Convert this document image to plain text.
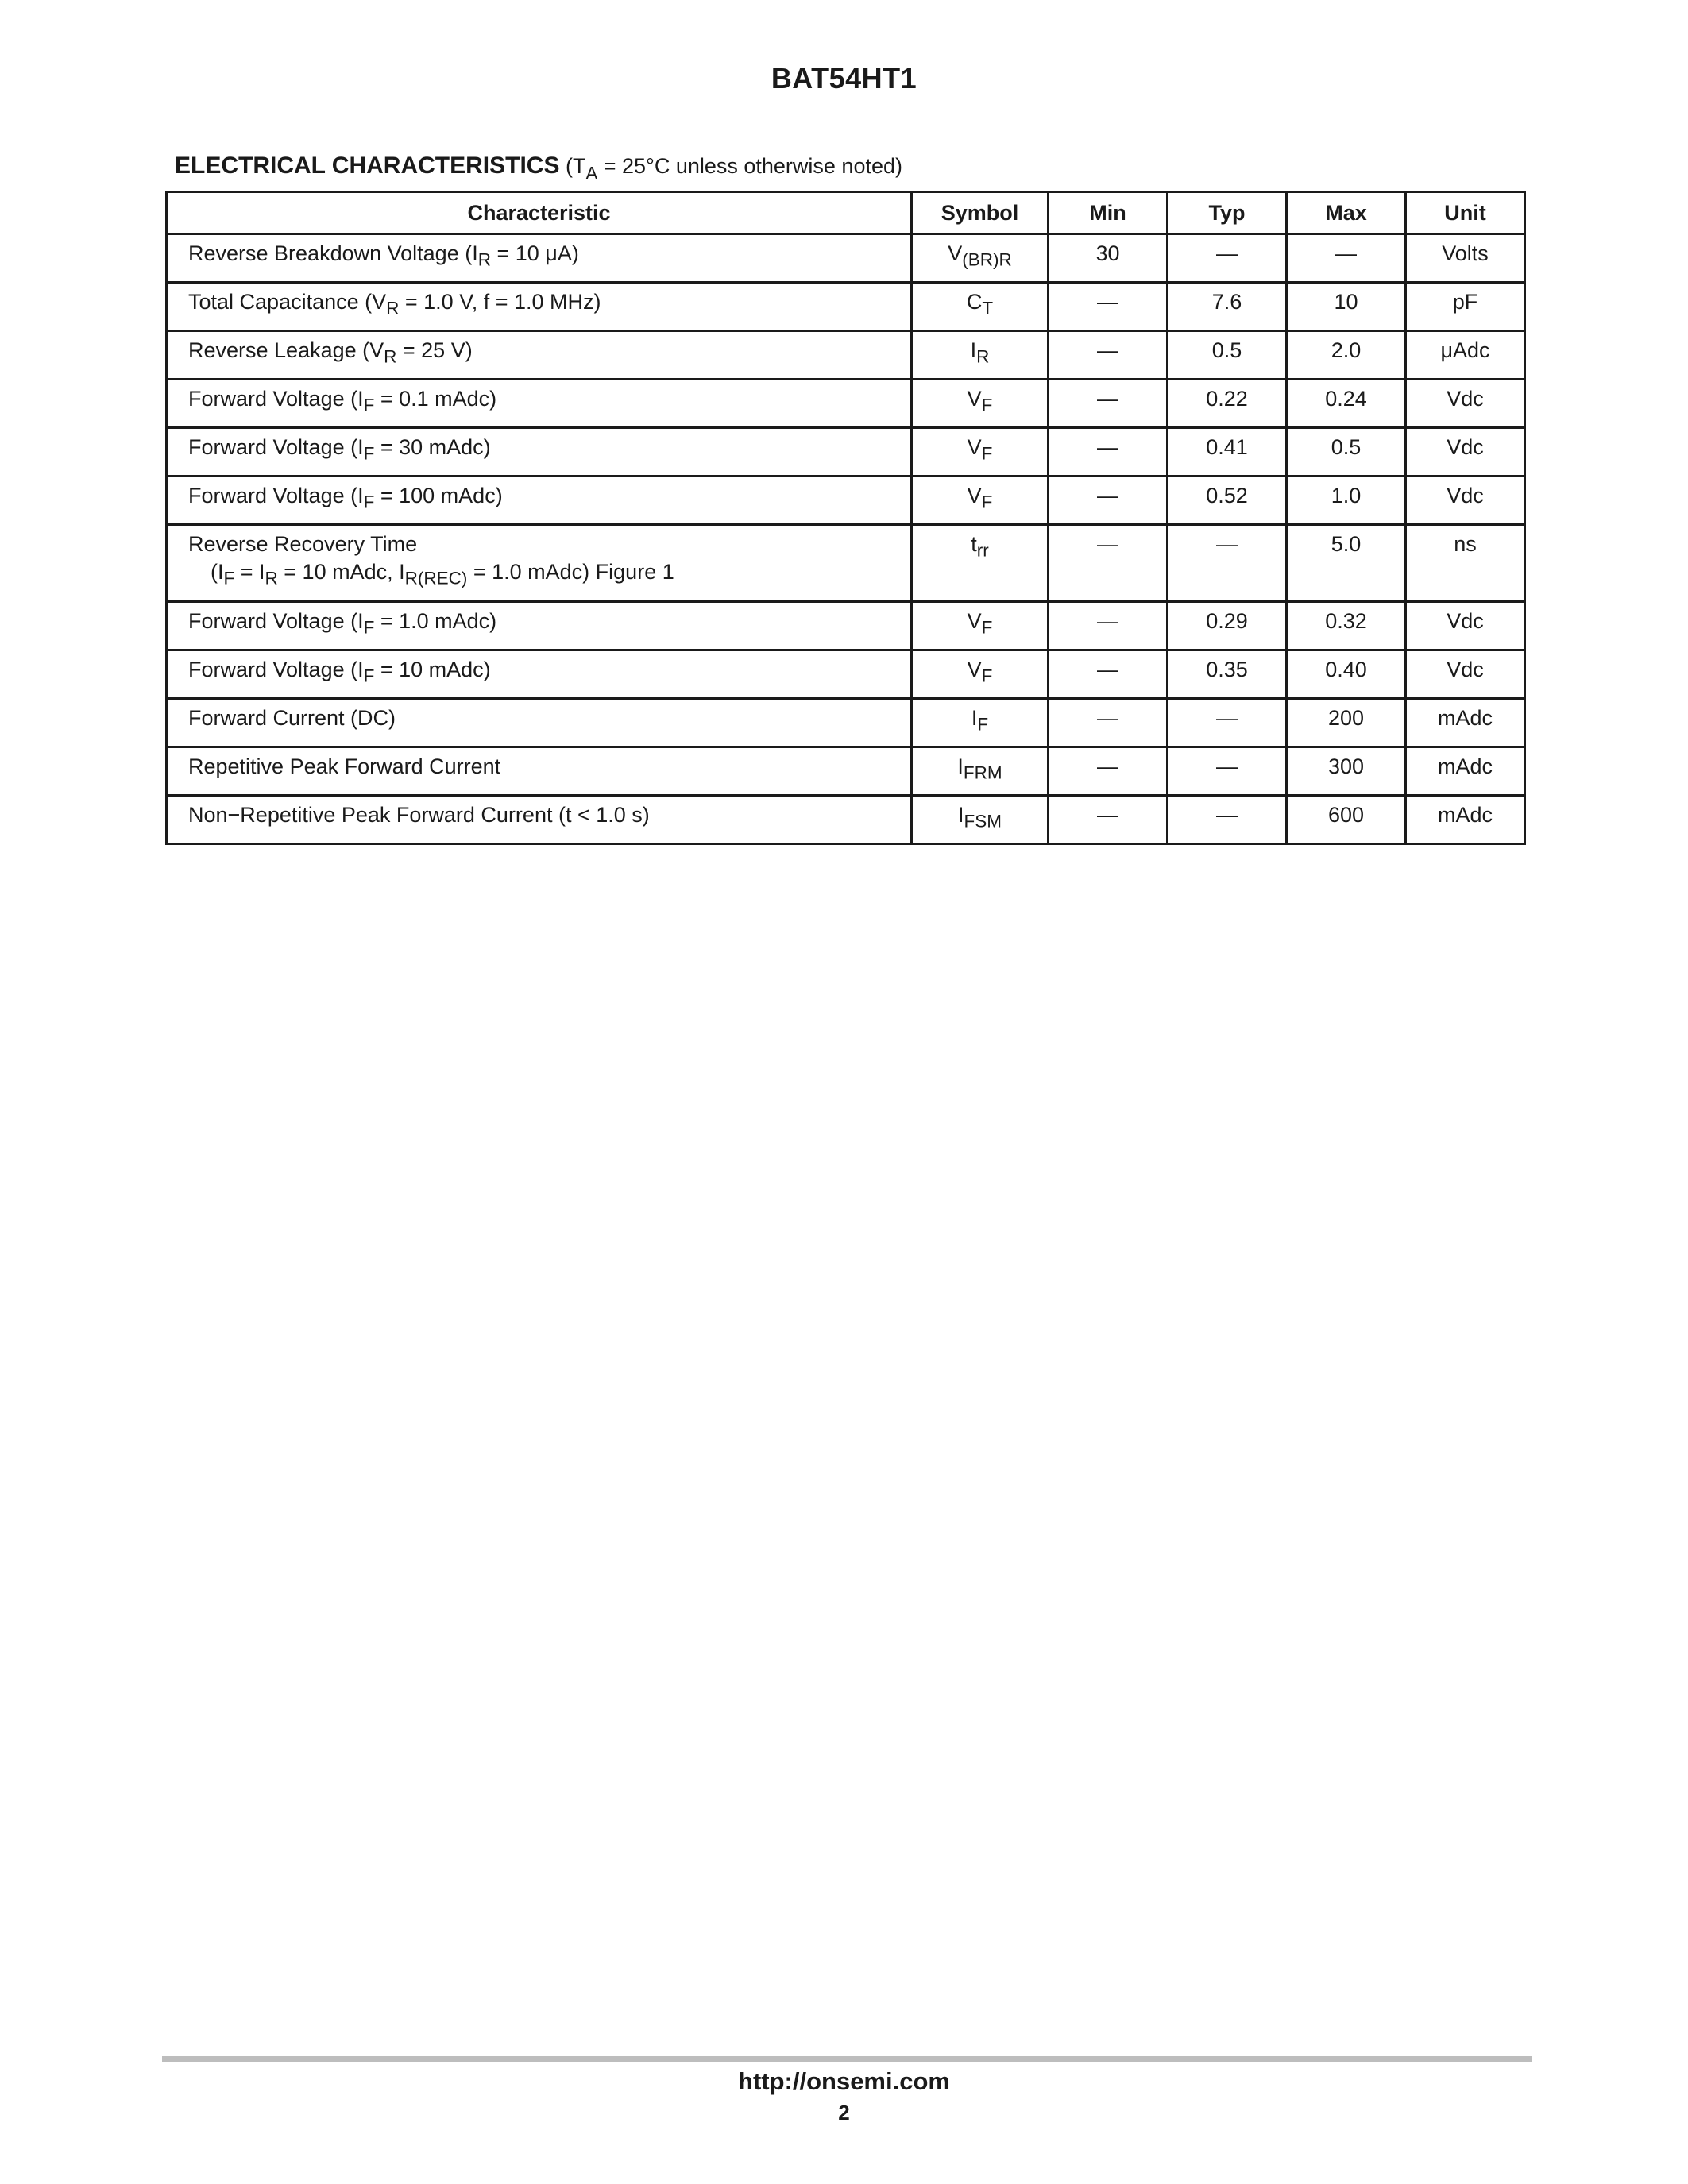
BAT54HT1
ELECTRICAL CHARACTERISTICS ($T_A = 25^\circ C$ unless otherwise noted)
Characteristic	Symbol	Min	Typ	Max	Unit
Reverse Breakdown Voltage ($I_R = 10$ μA)	$V_{(BR)R}$	30	—	—	Volts
Total Capacitance ($V_R = 1.0$ V, f = 1.0 MHz)	$C_T$	—	7.6	10	pF
Reverse Leakage ($V_R = 25$ V)	$I_R$	—	0.5	2.0	μAdc
Forward Voltage ($I_F = 0.1$ mAdc)	$V_F$	—	0.22	0.24	Vdc
Forward Voltage ($I_F = 30$ mAdc)	$V_F$	—	0.41	0.5	Vdc
Forward Voltage ($I_F = 100$ mAdc)	$V_F$	—	0.52	1.0	Vdc
Reverse Recovery Time
($I_F = I_R = 10$ mAdc, $I_{R(REC)} = 1.0$ mAdc) Figure 1	$t_{rr}$	—	—	5.0	ns
Forward Voltage ($I_F = 1.0$ mAdc)	$V_F$	—	0.29	0.32	Vdc
Forward Voltage ($I_F = 10$ mAdc)	$V_F$	—	0.35	0.40	Vdc
Forward Current (DC)	$I_F$	—	—	200	mAdc
Repetitive Peak Forward Current	$I_{FRM}$	—	—	300	mAdc
Non−Repetitive Peak Forward Current (t < 1.0 s)	$I_{FSM}$	—	—	600	mAdc
http://onsemi.com
2
